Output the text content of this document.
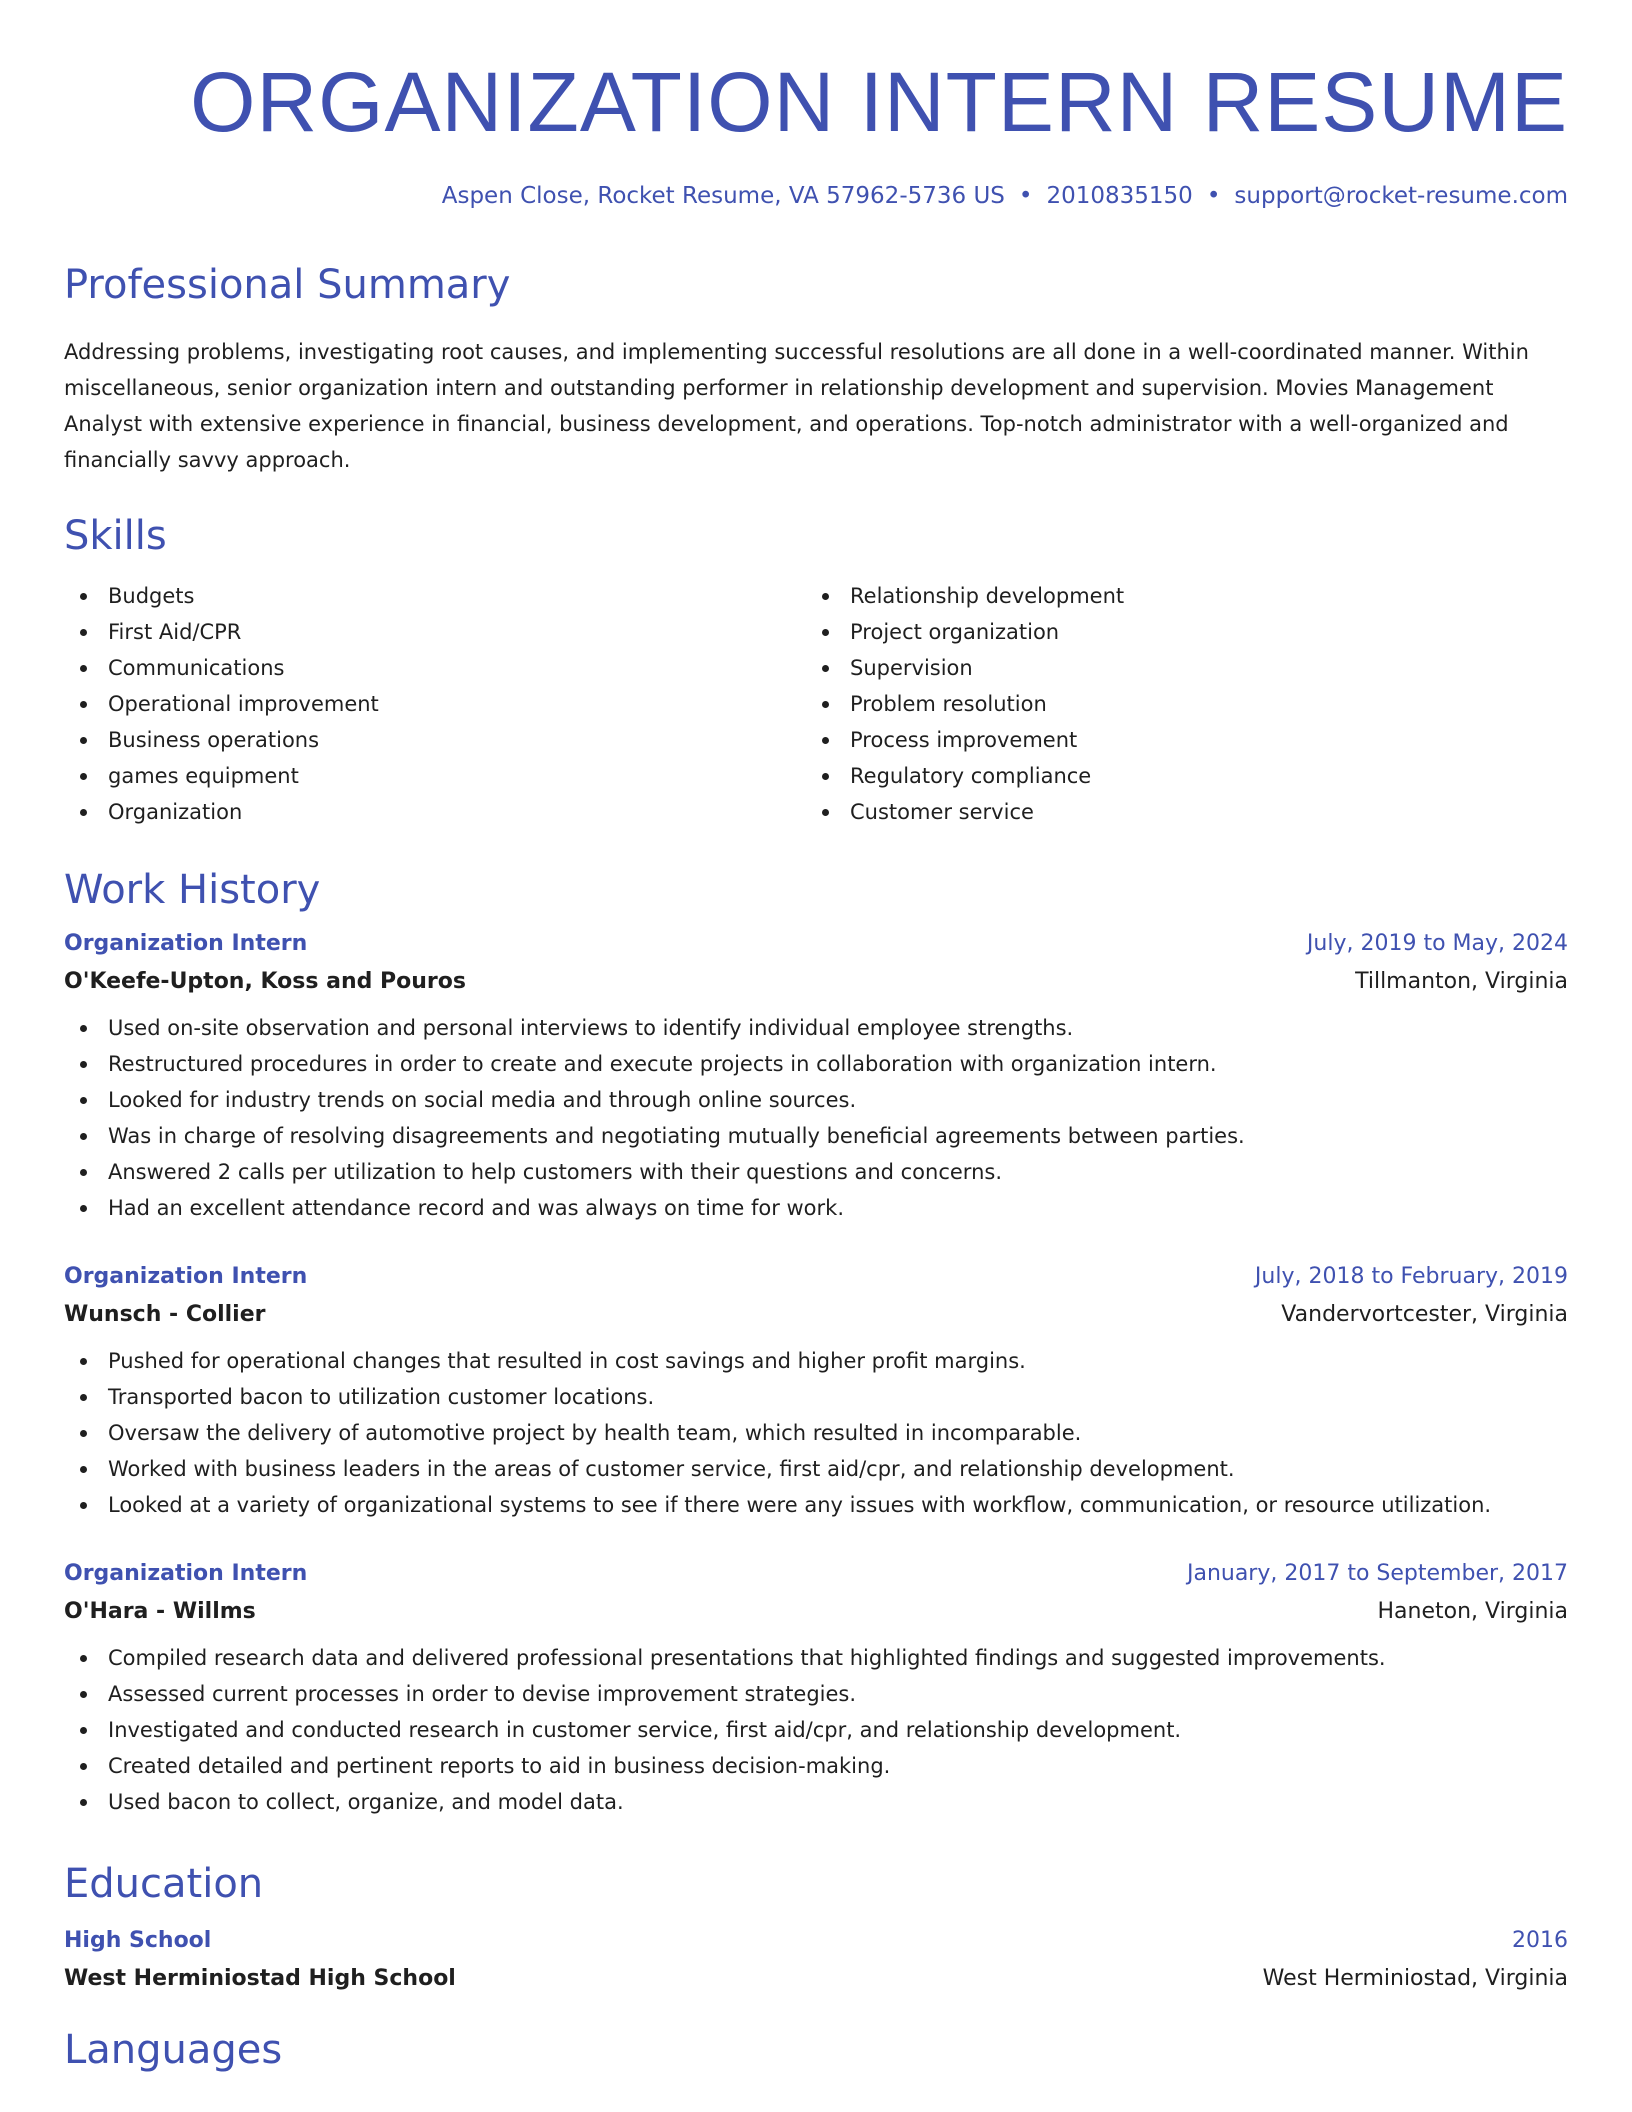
ORGANIZATION INTERN RESUME
Aspen Close, Rocket Resume, VA 57962-5736 US • 2010835150 • support@rocket-resume.com
Professional Summary

Addressing problems, investigating root causes, and implementing successful resolutions are all done in a well-coordinated manner. Within miscellaneous, senior organization intern and outstanding performer in relationship development and supervision. Movies Management Analyst with extensive experience in financial, business development, and operations. Top-notch administrator with a well-organized and financially savvy approach.

Skills
Budgets
First Aid/CPR
Communications
Operational improvement
Business operations
games equipment
Organization
Relationship development
Project organization
Supervision
Problem resolution
Process improvement
Regulatory compliance
Customer service
Work History
Organization Intern	July, 2019 to May, 2024
O'Keefe-Upton, Koss and Pouros	Tillmanton, Virginia
Used on-site observation and personal interviews to identify individual employee strengths.
Restructured procedures in order to create and execute projects in collaboration with organization intern.
Looked for industry trends on social media and through online sources.
Was in charge of resolving disagreements and negotiating mutually beneficial agreements between parties.
Answered 2 calls per utilization to help customers with their questions and concerns.
Had an excellent attendance record and was always on time for work.
Organization Intern	July, 2018 to February, 2019
Wunsch - Collier	Vandervortcester, Virginia
Pushed for operational changes that resulted in cost savings and higher profit margins.
Transported bacon to utilization customer locations.
Oversaw the delivery of automotive project by health team, which resulted in incomparable.
Worked with business leaders in the areas of customer service, first aid/cpr, and relationship development.
Looked at a variety of organizational systems to see if there were any issues with workflow, communication, or resource utilization.
Organization Intern	January, 2017 to September, 2017
O'Hara - Willms	Haneton, Virginia
Compiled research data and delivered professional presentations that highlighted findings and suggested improvements.
Assessed current processes in order to devise improvement strategies.
Investigated and conducted research in customer service, first aid/cpr, and relationship development.
Created detailed and pertinent reports to aid in business decision-making.
Used bacon to collect, organize, and model data.
Education
High School	2016
West Herminiostad High School	West Herminiostad, Virginia
Languages
